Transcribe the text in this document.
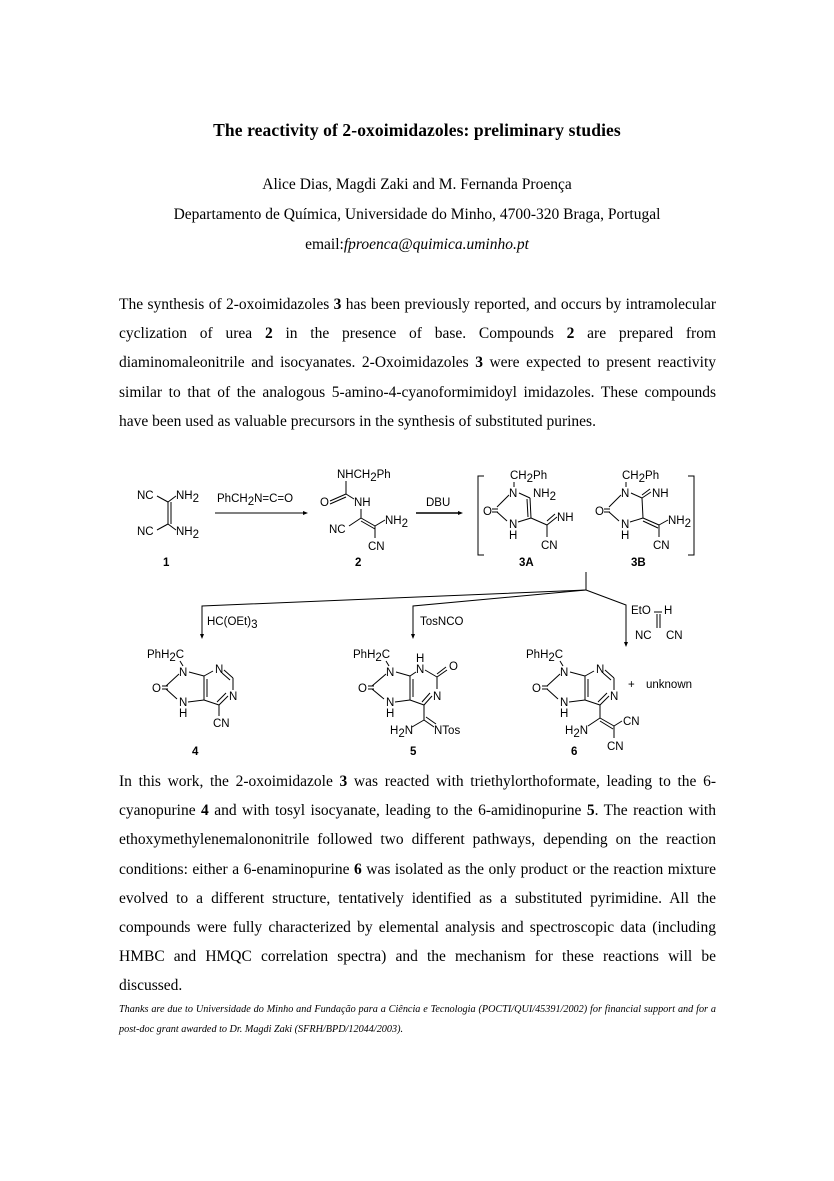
The reactivity of 2-oxoimidazoles: preliminary studies
Alice Dias, Magdi Zaki and M. Fernanda Proença
Departamento de Química, Universidade do Minho, 4700-320 Braga, Portugal
email:fproenca@quimica.uminho.pt
The synthesis of 2-oxoimidazoles 3 has been previously reported, and occurs by intramolecular cyclization of urea 2 in the presence of base. Compounds 2 are prepared from diaminomaleonitrile and isocyanates. 2-Oxoimidazoles 3 were expected to present reactivity similar to that of the analogous 5-amino-4-cyanoformimidoyl imidazoles. These compounds have been used as valuable precursors in the synthesis of substituted purines.
NC NH2
NC NH2
1
PhCH2N=C=O
NHCH2Ph
O NH
NC
NH2
CN
2
DBU
CH2Ph
N NH2
O
N
H
NH
CN
3A
CH2Ph
N NH
O
N
H
NH2
CN
3B
HC(OEt)3	TosNCO
EtO H
NC CN
PhH2C
N N
N
O
N
H
CN
4
PhH2C
N
H
N O
N
O
N
H
H2N NTos
5
PhH2C
N N
N
O
N
H
H2N
CN
CN
+ unknown
6
In this work, the 2-oxoimidazole 3 was reacted with triethylorthoformate, leading to the 6-cyanopurine 4 and with tosyl isocyanate, leading to the 6-amidinopurine 5. The reaction with ethoxymethylenemalononitrile followed two different pathways, depending on the reaction conditions: either a 6-enaminopurine 6 was isolated as the only product or the reaction mixture evolved to a different structure, tentatively identified as a substituted pyrimidine. All the compounds were fully characterized by elemental analysis and spectroscopic data (including HMBC and HMQC correlation spectra) and the mechanism for these reactions will be discussed.
Thanks are due to Universidade do Minho and Fundação para a Ciência e Tecnologia (POCTI/QUI/45391/2002) for financial support and for a post-doc grant awarded to Dr. Magdi Zaki (SFRH/BPD/12044/2003).
